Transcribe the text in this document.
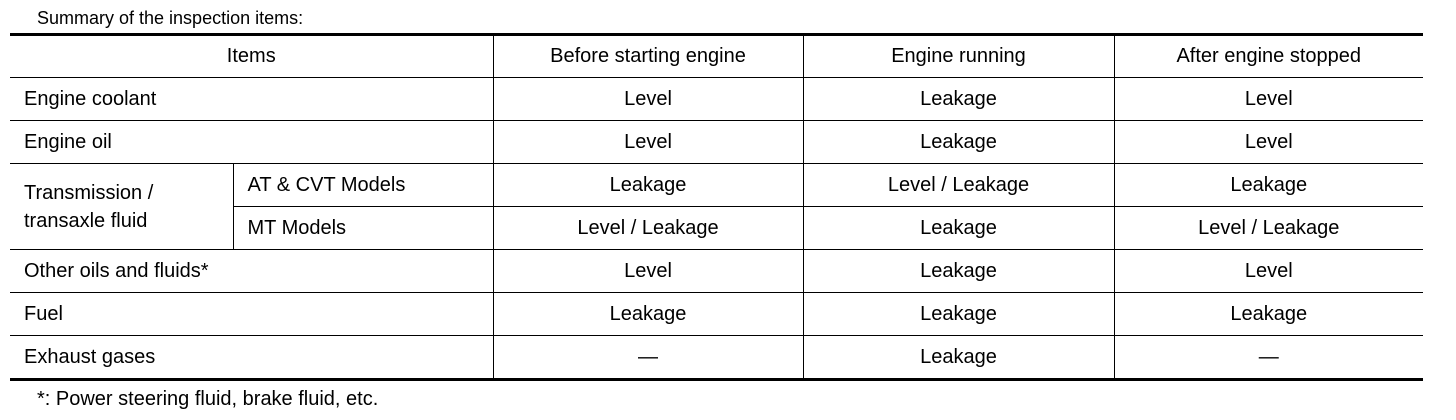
Summary of the inspection items:
Items		Before starting engine	Engine running	After engine stopped
Engine coolant		Level	Leakage	Level
Engine oil		Level	Leakage	Level
Transmission / transaxle fluid	AT & CVT Models	Leakage	Level / Leakage	Leakage
	MT Models	Level / Leakage	Leakage	Level / Leakage
Other oils and fluids*		Level	Leakage	Level
Fuel		Leakage	Leakage	Leakage
Exhaust gases		—	Leakage	—
*: Power steering fluid, brake fluid, etc.
